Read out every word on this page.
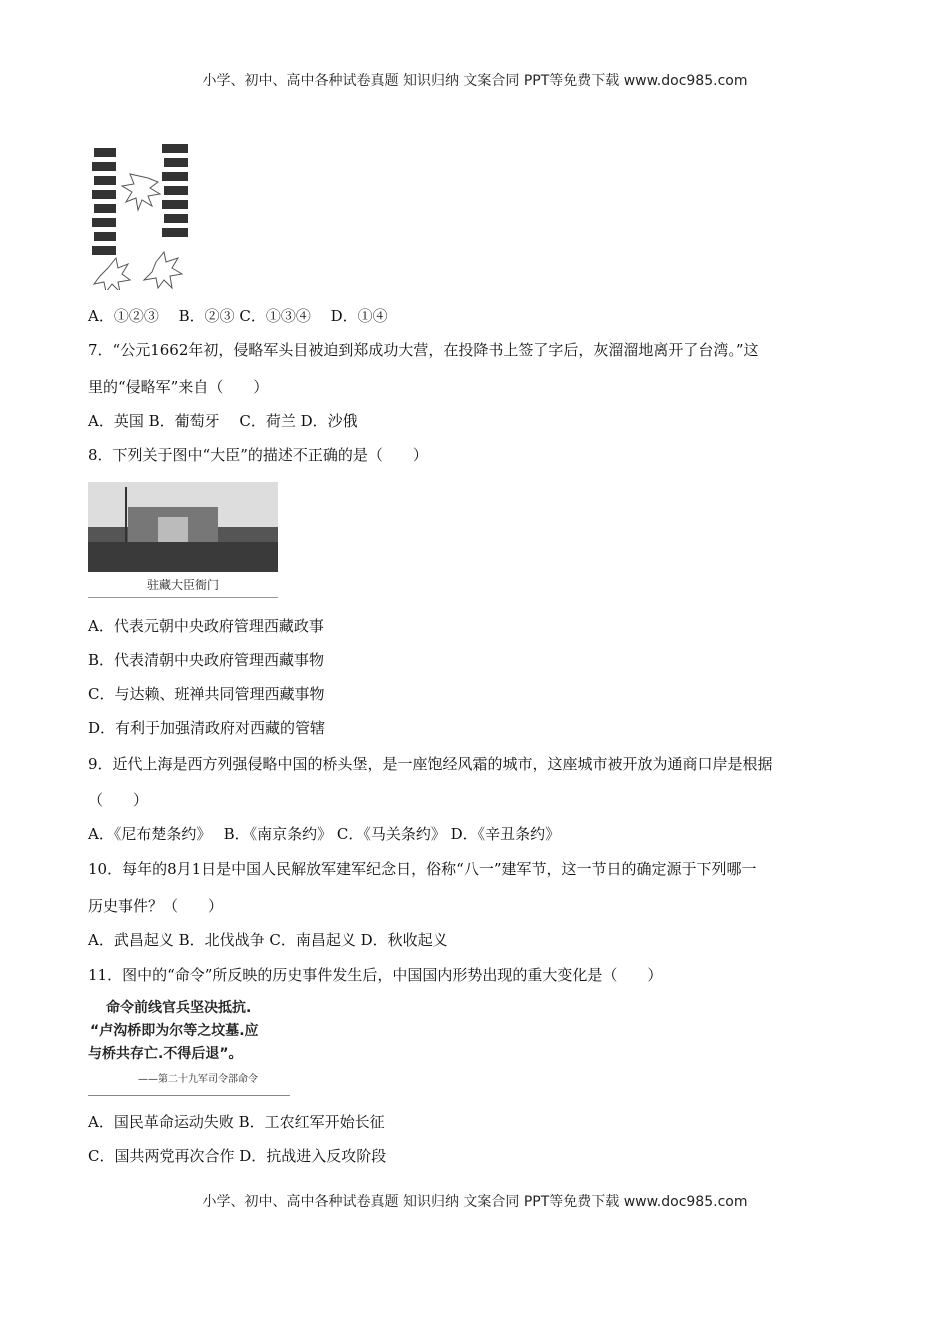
小学、初中、高中各种试卷真题 知识归纳 文案合同 PPT等免费下载 www.doc985.com
A．①②③　 B．②③ C．①③④　 D．①④
7．“公元1662年初，侵略军头目被迫到郑成功大营，在投降书上签了字后，灰溜溜地离开了台湾。”这
里的“侵略军”来自（　　）
A．英国 B．葡萄牙　 C．荷兰 D．沙俄
8．下列关于图中“大臣”的描述不正确的是（　　）
驻藏大臣衙门
A．代表元朝中央政府管理西藏政事
B．代表清朝中央政府管理西藏事物
C．与达赖、班禅共同管理西藏事物
D．有利于加强清政府对西藏的管辖
9．近代上海是西方列强侵略中国的桥头堡，是一座饱经风霜的城市，这座城市被开放为通商口岸是根据
（　　）
A．《尼布楚条约》　 B．《南京条约》 C．《马关条约》 D．《辛丑条约》
10．每年的8月1日是中国人民解放军建军纪念日，俗称“八一”建军节，这一节日的确定源于下列哪一
历史事件？（　　）
A．武昌起义 B．北伐战争 C．南昌起义 D．秋收起义
11．图中的“命令”所反映的历史事件发生后，中国国内形势出现的重大变化是（　　）
命令前线官兵坚决抵抗.
“卢沟桥即为尔等之坟墓.应
与桥共存亡.不得后退”。
——第二十九军司令部命令
A．国民革命运动失败 B．工农红军开始长征
C．国共两党再次合作 D．抗战进入反攻阶段
小学、初中、高中各种试卷真题 知识归纳 文案合同 PPT等免费下载 www.doc985.com
